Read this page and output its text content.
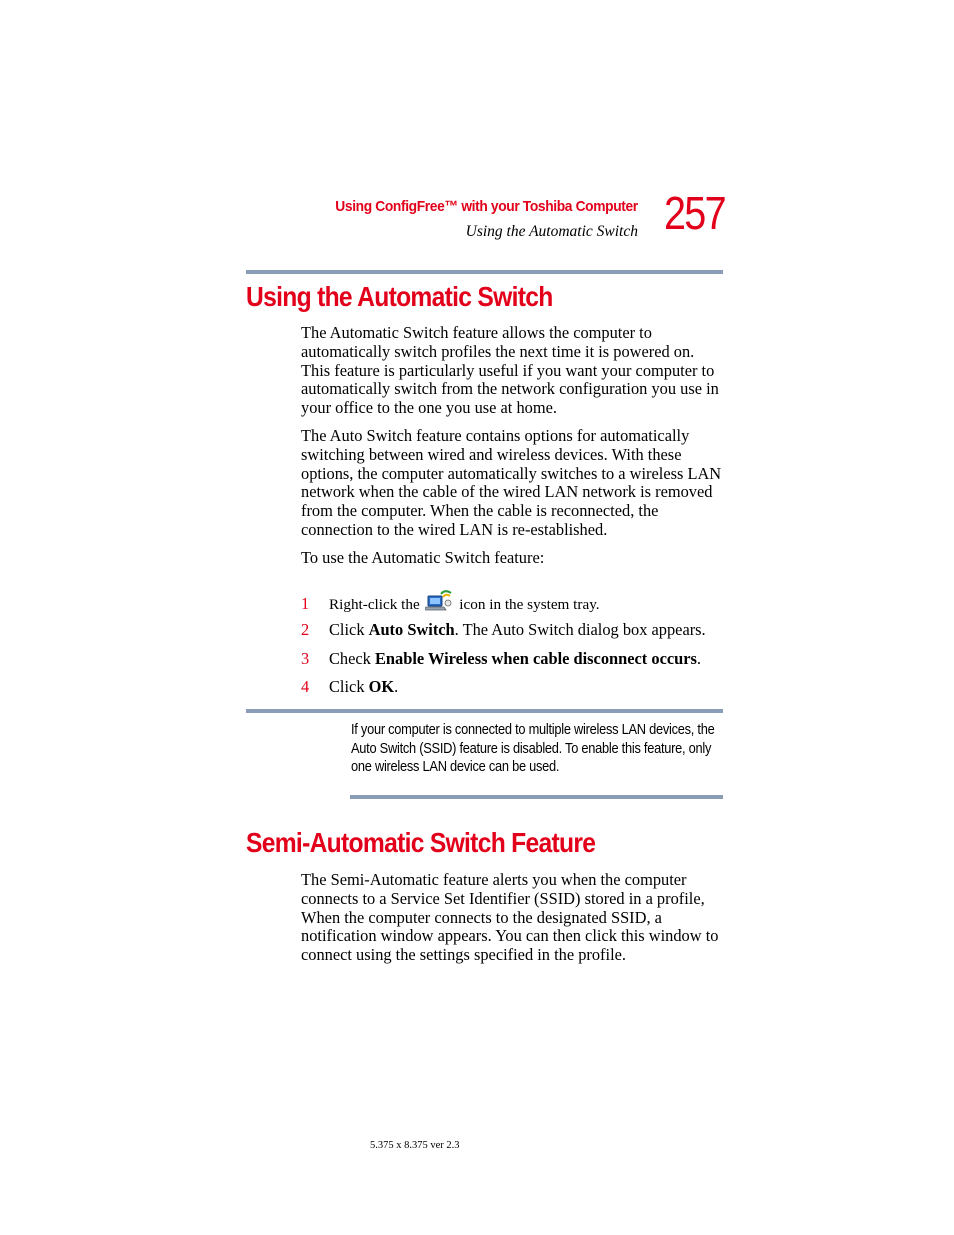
Using ConfigFree™ with your Toshiba Computer
Using the Automatic Switch 257
Using the Automatic Switch
The Automatic Switch feature allows the computer to automatically switch profiles the next time it is powered on. This feature is particularly useful if you want your computer to automatically switch from the network configuration you use in your office to the one you use at home.
The Auto Switch feature contains options for automatically switching between wired and wireless devices. With these options, the computer automatically switches to a wireless LAN network when the cable of the wired LAN network is removed from the computer. When the cable is reconnected, the connection to the wired LAN is re-established.
To use the Automatic Switch feature:
1 Right-click the  icon in the system tray.
2 Click Auto Switch. The Auto Switch dialog box appears.
3 Check Enable Wireless when cable disconnect occurs.
4 Click OK.
If your computer is connected to multiple wireless LAN devices, the Auto Switch (SSID) feature is disabled. To enable this feature, only one wireless LAN device can be used.
Semi-Automatic Switch Feature
The Semi-Automatic feature alerts you when the computer connects to a Service Set Identifier (SSID) stored in a profile, When the computer connects to the designated SSID, a notification window appears. You can then click this window to connect using the settings specified in the profile.
5.375 x 8.375 ver 2.3
